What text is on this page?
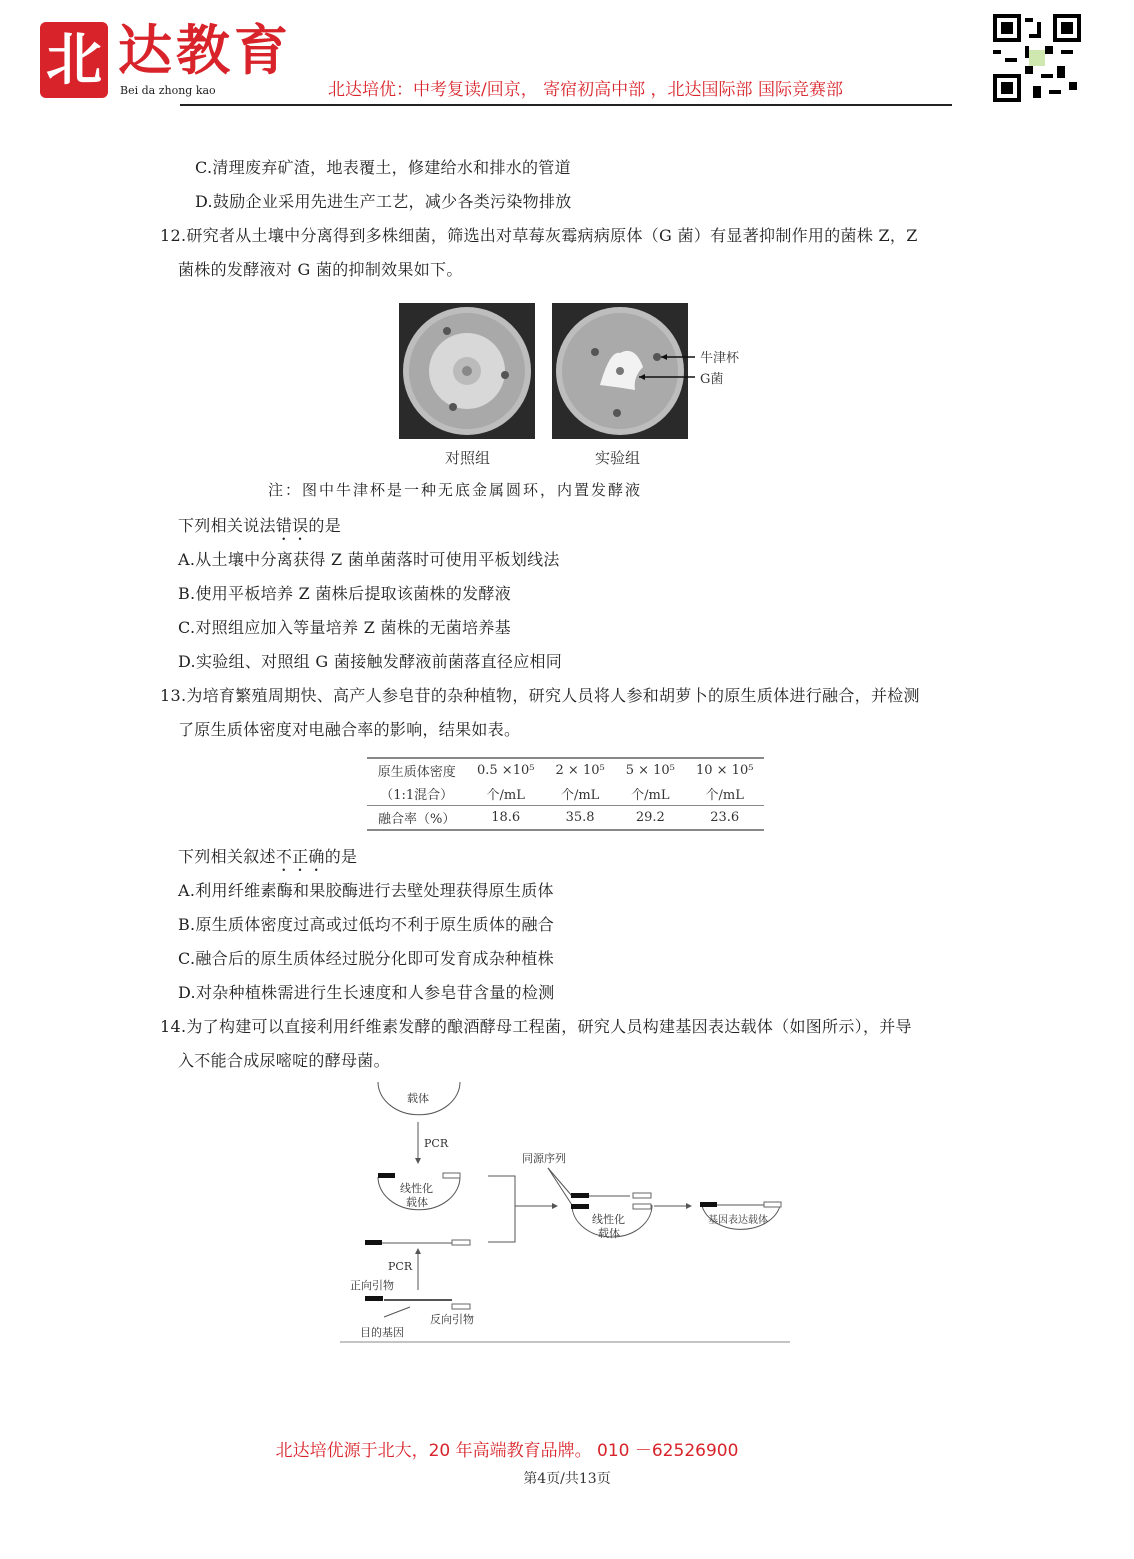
北 达教育
Bei da zhong kao	北达培优：中考复读/回京， 寄宿初高中部 ，北达国际部 国际竞赛部
C.清理废弃矿渣，地表覆土，修建给水和排水的管道
D.鼓励企业采用先进生产工艺，减少各类污染物排放
12.研究者从土壤中分离得到多株细菌，筛选出对草莓灰霉病病原体（G 菌）有显著抑制作用的菌株 Z，Z
菌株的发酵液对 G 菌的抑制效果如下。
牛津杯
G菌
对照组	实验组
注：图中牛津杯是一种无底金属圆环，内置发酵液
下列相关说法错误的是
A.从土壤中分离获得 Z 菌单菌落时可使用平板划线法
B.使用平板培养 Z 菌株后提取该菌株的发酵液
C.对照组应加入等量培养 Z 菌株的无菌培养基
D.实验组、对照组 G 菌接触发酵液前菌落直径应相同
13.为培育繁殖周期快、高产人参皂苷的杂种植物，研究人员将人参和胡萝卜的原生质体进行融合，并检测
了原生质体密度对电融合率的影响，结果如表。
原生质体密度	0.5 ×10⁵	2 × 10⁵	5 × 10⁵	10 × 10⁵
（1:1混合）	个/mL	个/mL	个/mL	个/mL
融合率（%）	18.6	35.8	29.2	23.6
下列相关叙述不正确的是
A.利用纤维素酶和果胶酶进行去壁处理获得原生质体
B.原生质体密度过高或过低均不利于原生质体的融合
C.融合后的原生质体经过脱分化即可发育成杂种植株
D.对杂种植株需进行生长速度和人参皂苷含量的检测
14.为了构建可以直接利用纤维素发酵的酿酒酵母工程菌，研究人员构建基因表达载体（如图所示），并导
入不能合成尿嘧啶的酵母菌。
载体
PCR
线性化
载体
同源序列
线性化
载体
基因表达载体
PCR
正向引物
反向引物
目的基因
北达培优源于北大，20 年高端教育品牌。 010 －62526900
第4页/共13页
